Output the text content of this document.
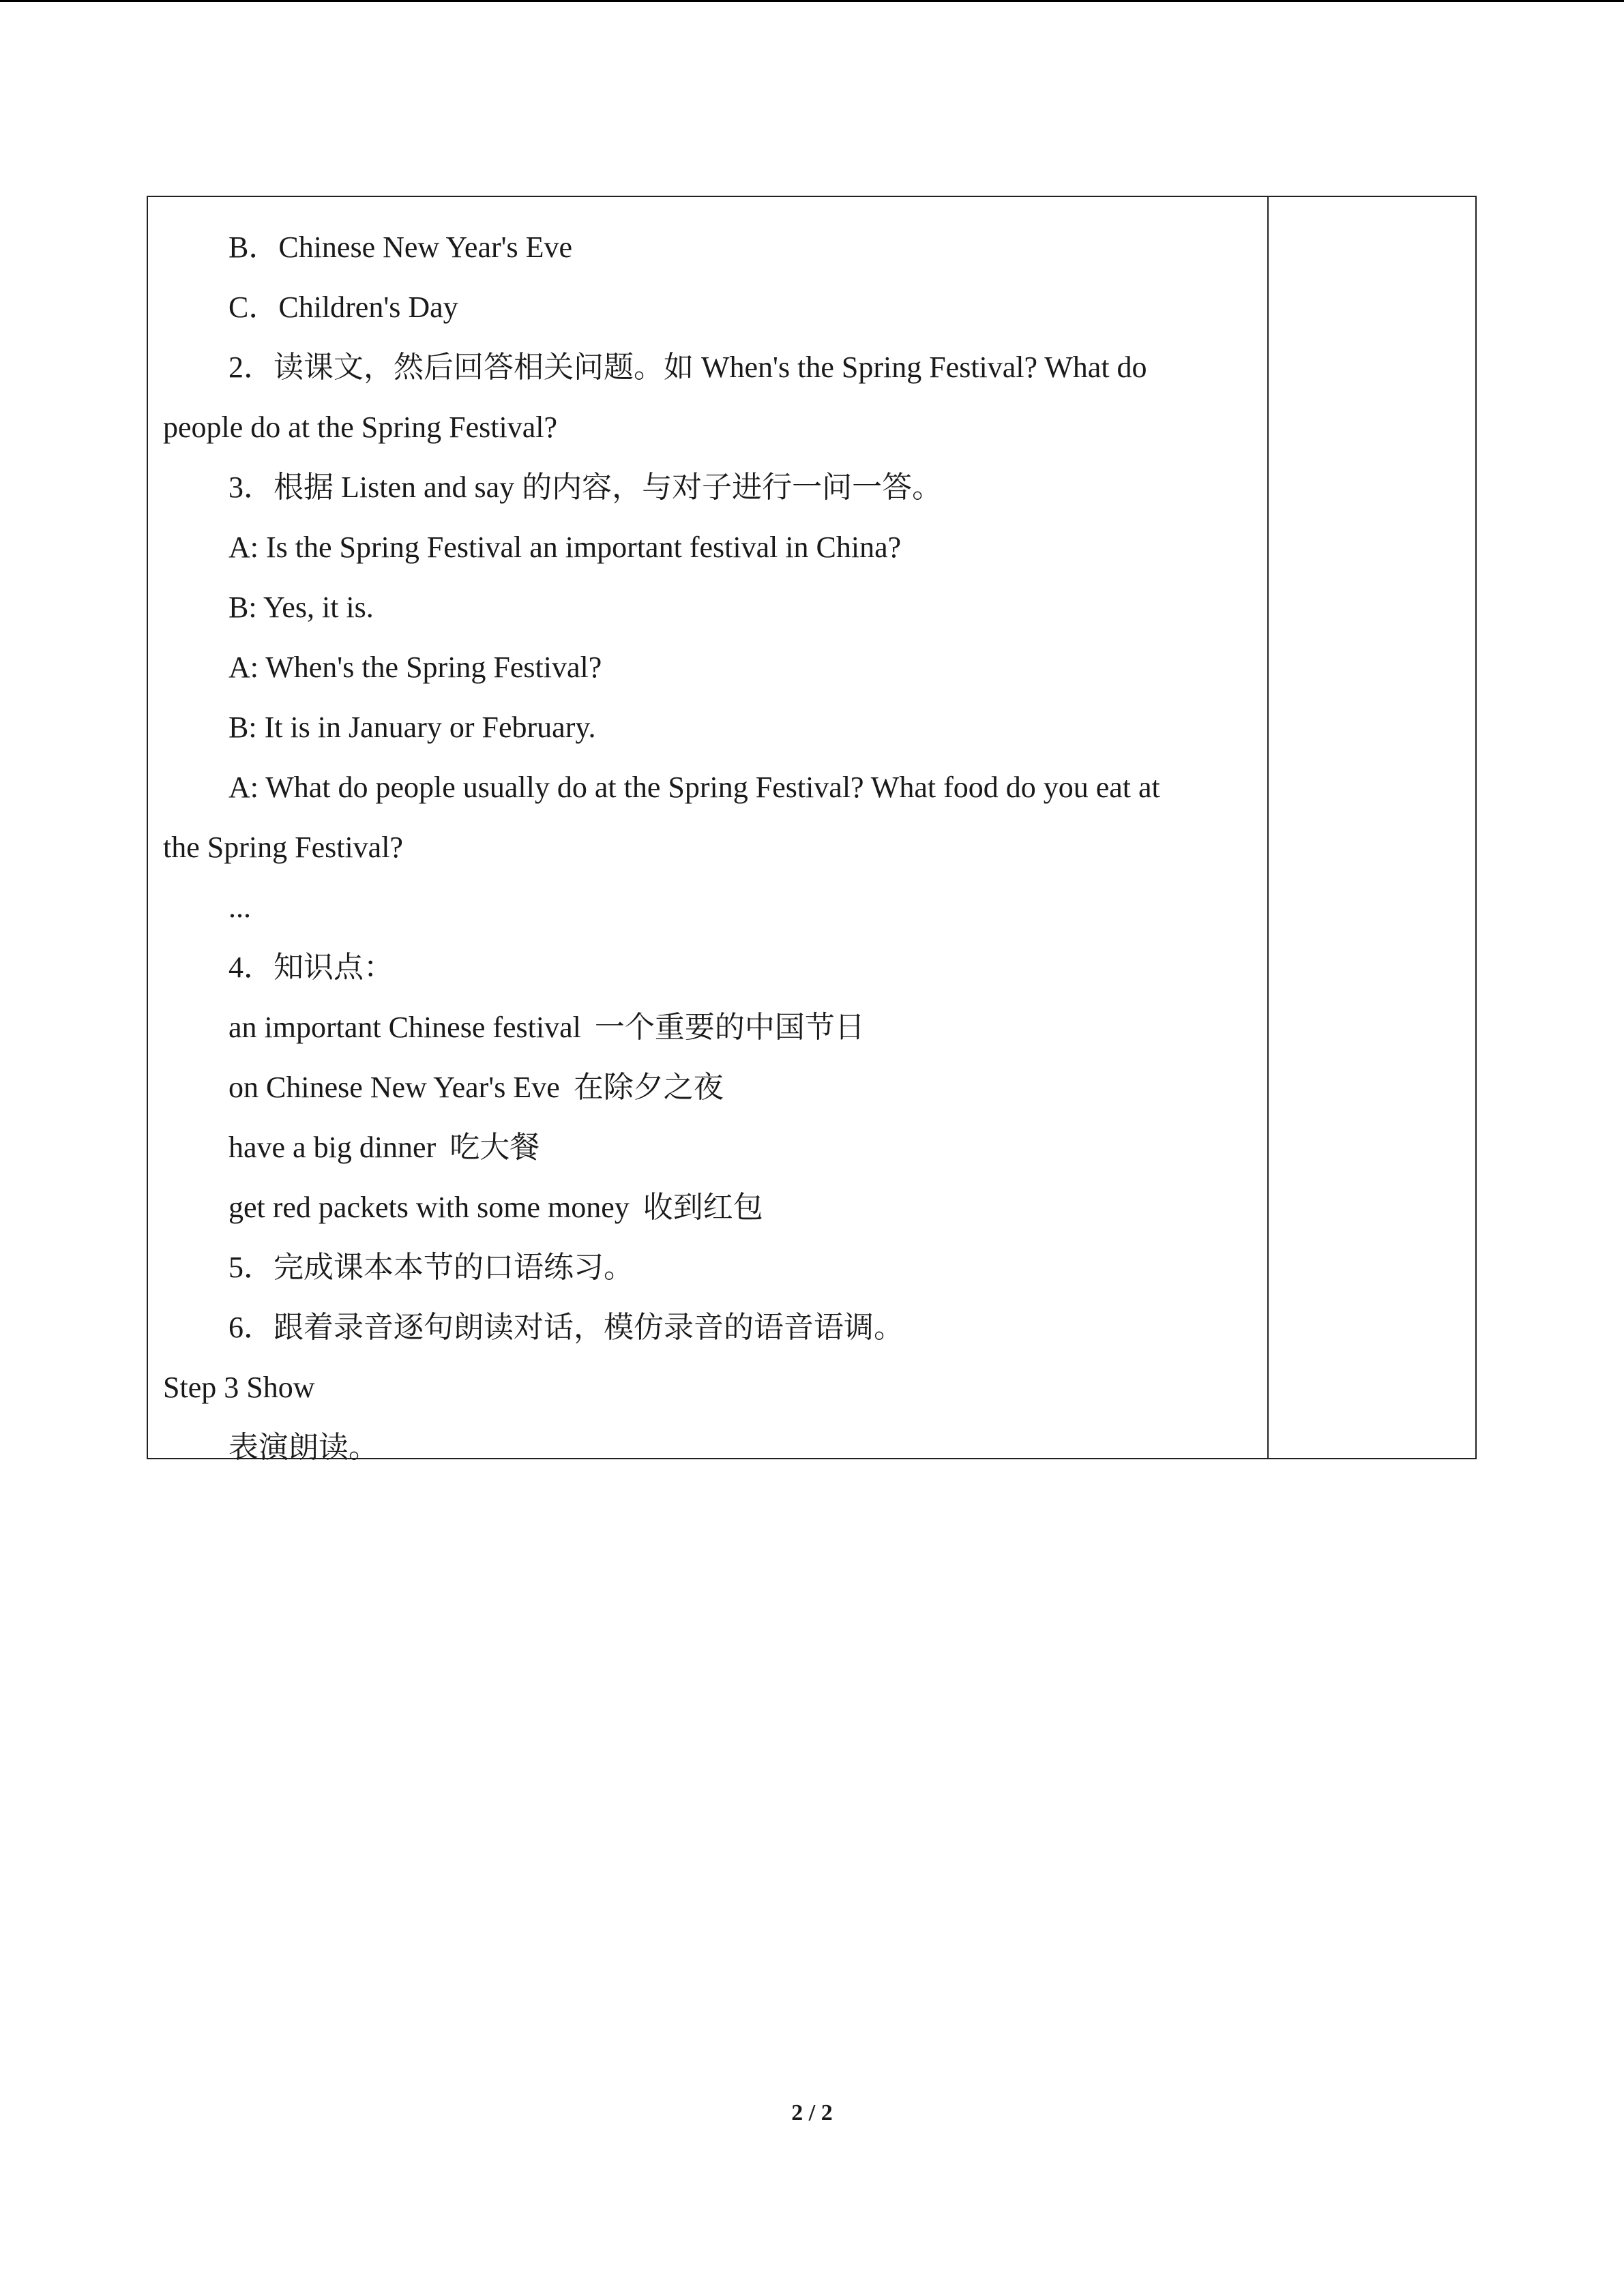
B．Chinese New Year's Eve
C．Children's Day
2．读课文，然后回答相关问题。如 When's the Spring Festival? What do
people do at the Spring Festival?
3．根据 Listen and say 的内容，与对子进行一问一答。
A: Is the Spring Festival an important festival in China?
B: Yes, it is.
A: When's the Spring Festival?
B: It is in January or February.
A: What do people usually do at the Spring Festival? What food do you eat at
the Spring Festival?
...
4．知识点：
an important Chinese festival 一个重要的中国节日
on Chinese New Year's Eve 在除夕之夜
have a big dinner 吃大餐
get red packets with some money 收到红包
5．完成课本本节的口语练习。
6．跟着录音逐句朗读对话，模仿录音的语音语调。
Step 3 Show
表演朗读。
2 / 2
